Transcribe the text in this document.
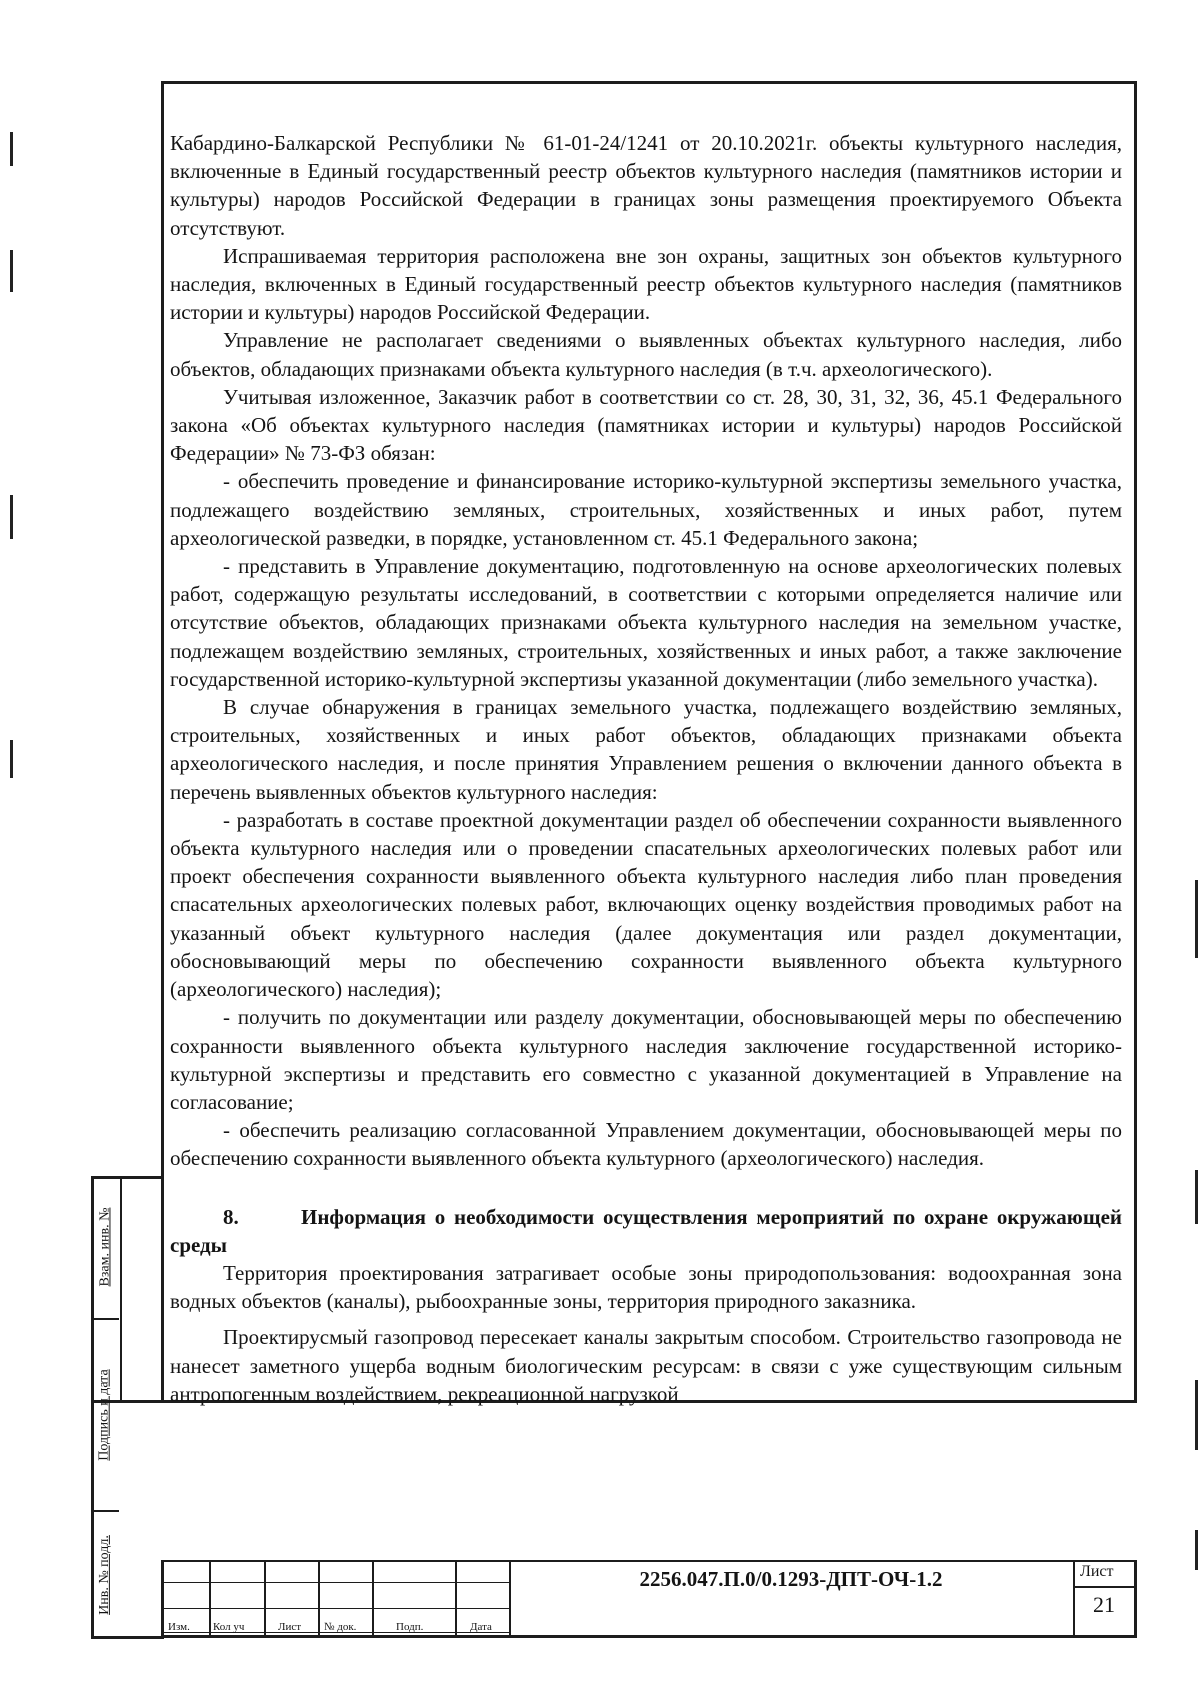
Кабардино-Балкарской Республики № 61-01-24/1241 от 20.10.2021г. объекты культурного наследия, включенные в Единый государственный реестр объектов культурного наследия (памятников истории и культуры) народов Российской Федерации в границах зоны размещения проектируемого Объекта отсутствуют.

Испрашиваемая территория расположена вне зон охраны, защитных зон объектов культурного наследия, включенных в Единый государственный реестр объектов культурного наследия (памятников истории и культуры) народов Российской Федерации.

Управление не располагает сведениями о выявленных объектах культурного наследия, либо объектов, обладающих признаками объекта культурного наследия (в т.ч. археологического).

Учитывая изложенное, Заказчик работ в соответствии со ст. 28, 30, 31, 32, 36, 45.1 Федерального закона «Об объектах культурного наследия (памятниках истории и культуры) народов Российской Федерации» № 73-ФЗ обязан:

- обеспечить проведение и финансирование историко-культурной экспертизы земельного участка, подлежащего воздействию земляных, строительных, хозяйственных и иных работ, путем археологической разведки, в порядке, установленном ст. 45.1 Федерального закона;

- представить в Управление документацию, подготовленную на основе археологических полевых работ, содержащую результаты исследований, в соответствии с которыми определяется наличие или отсутствие объектов, обладающих признаками объекта культурного наследия на земельном участке, подлежащем воздействию земляных, строительных, хозяйственных и иных работ, а также заключение государственной историко-культурной экспертизы указанной документации (либо земельного участка).

В случае обнаружения в границах земельного участка, подлежащего воздействию земляных, строительных, хозяйственных и иных работ объектов, обладающих признаками объекта археологического наследия, и после принятия Управлением решения о включении данного объекта в перечень выявленных объектов культурного наследия:

- разработать в составе проектной документации раздел об обеспечении сохранности выявленного объекта культурного наследия или о проведении спасательных археологических полевых работ или проект обеспечения сохранности выявленного объекта культурного наследия либо план проведения спасательных археологических полевых работ, включающих оценку воздействия проводимых работ на указанный объект культурного наследия (далее документация или раздел документации, обосновывающий меры по обеспечению сохранности выявленного объекта культурного (археологического) наследия);

- получить по документации или разделу документации, обосновывающей меры по обеспечению сохранности выявленного объекта культурного наследия заключение государственной историко-культурной экспертизы и представить его совместно с указанной документацией в Управление на согласование;

- обеспечить реализацию согласованной Управлением документации, обосновывающей меры по обеспечению сохранности выявленного объекта культурного (археологического) наследия.

8.	Информация о необходимости осуществления мероприятий по охране окружающей среды

Территория проектирования затрагивает особые зоны природопользования: водоохранная зона водных объектов (каналы), рыбоохранные зоны, территория природного заказника.

Проектирусмый газопровод пересекает каналы закрытым способом. Строительство газопровода не нанесет заметного ущерба водным биологическим ресурсам: в связи с уже существующим сильным антропогенным воздействием, рекреационной нагрузкой

Взам. инв. №
Подпись и дата
Инв. № подл.
Изм. Кол уч	Лист № док.	Подп.	Дата
2256.047.П.0/0.1293-ДПТ-ОЧ-1.2	Лист
21
